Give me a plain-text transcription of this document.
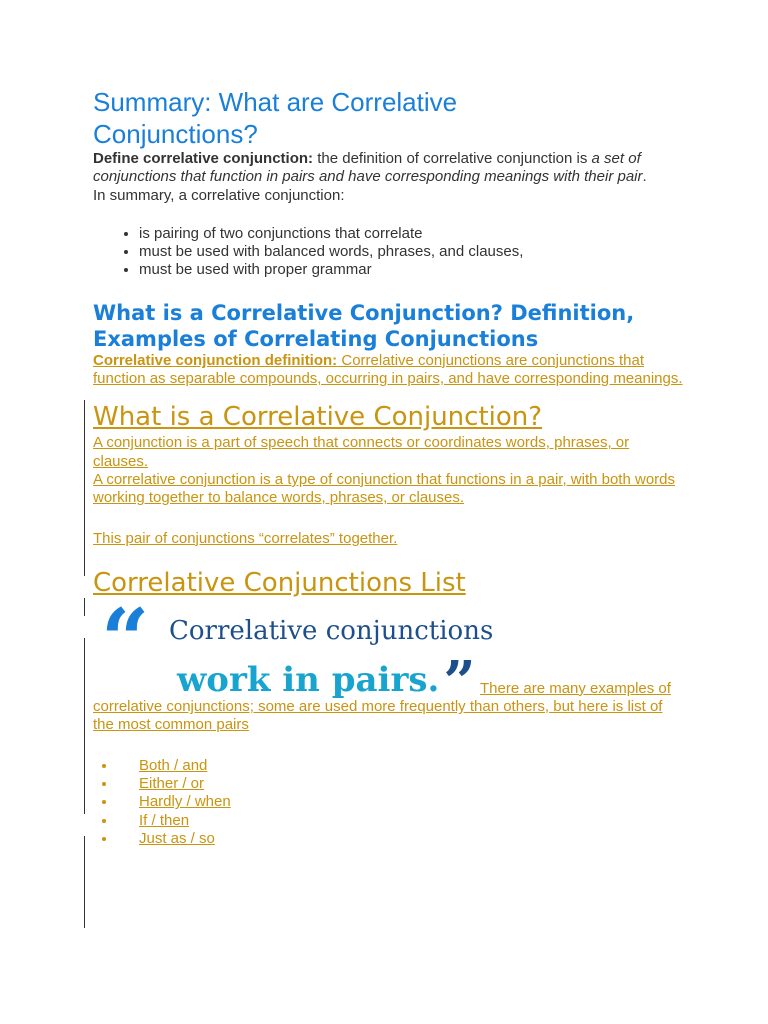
Summary: What are Correlative
Conjunctions?

Define correlative conjunction: the definition of correlative conjunction is a set of conjunctions that function in pairs and have corresponding meanings with their pair.

In summary, a correlative conjunction:

• is pairing of two conjunctions that correlate
• must be used with balanced words, phrases, and clauses,
• must be used with proper grammar
What is a Correlative Conjunction? Definition, Examples of Correlating Conjunctions

Correlative conjunction definition: Correlative conjunctions are conjunctions that function as separable compounds, occurring in pairs, and have corresponding meanings.

What is a Correlative Conjunction?

A conjunction is a part of speech that connects or coordinates words, phrases, or clauses.

A correlative conjunction is a type of conjunction that functions in a pair, with both words working together to balance words, phrases, or clauses.

This pair of conjunctions “correlates” together.

Correlative Conjunctions List
“ Correlative conjunctions
work in pairs.” There are many examples of correlative conjunctions; some are used more frequently than others, but here is list of the most common pairs

• Both / and
• Either / or
• Hardly / when
• If / then
• Just as / so
